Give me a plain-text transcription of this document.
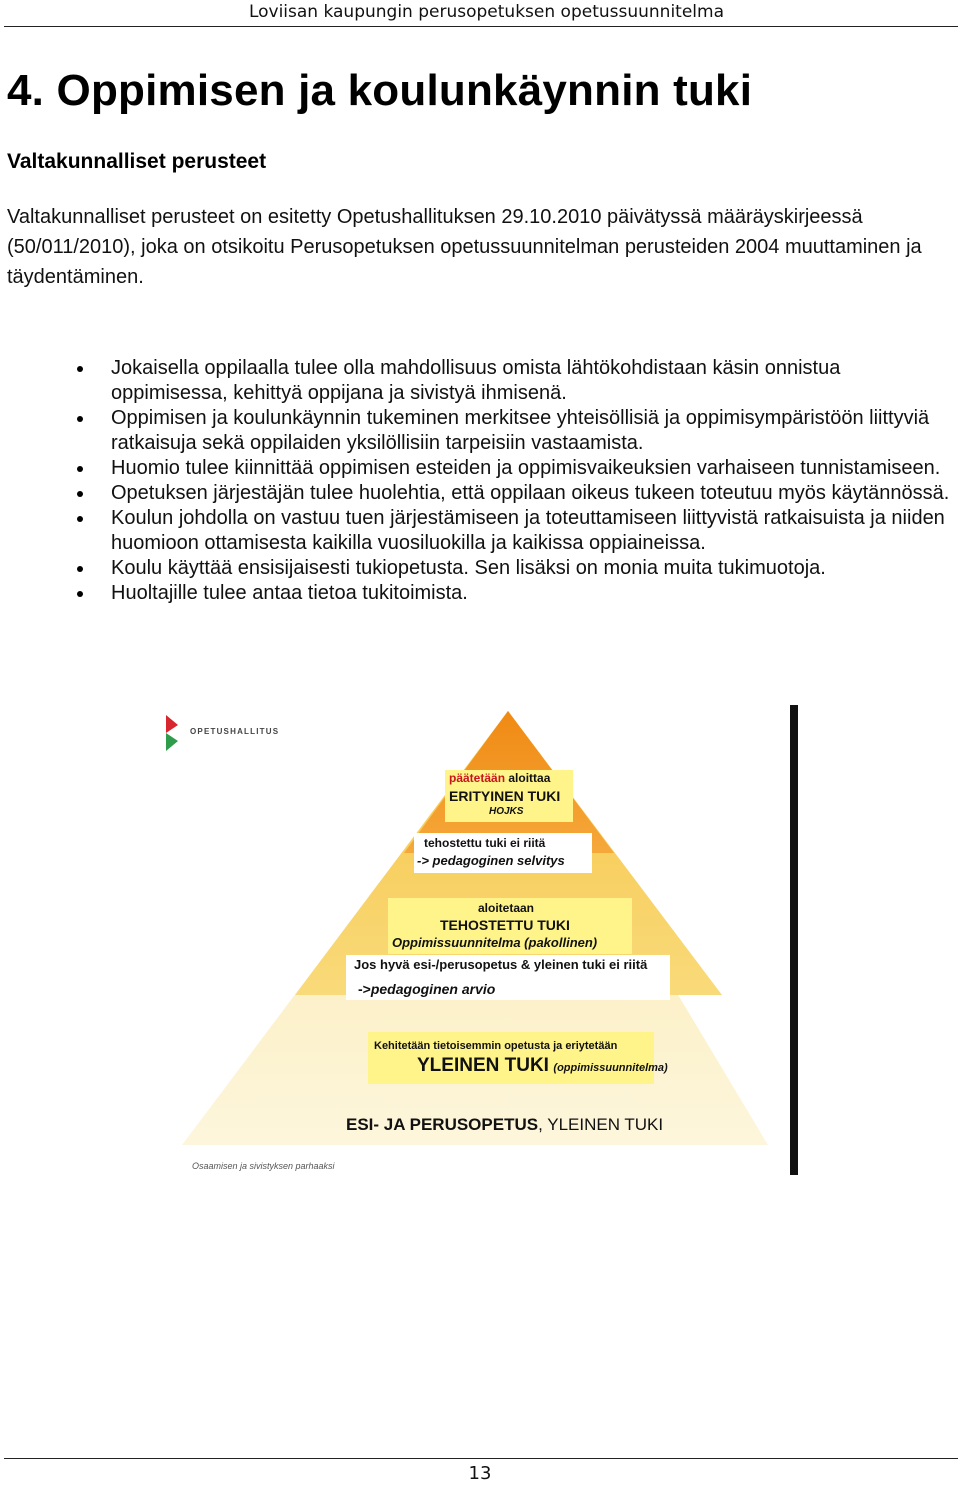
Loviisan kaupungin perusopetuksen opetussuunnitelma
4. Oppimisen ja koulunkäynnin tuki

Valtakunnalliset perusteet

Valtakunnalliset perusteet on esitetty Opetushallituksen 29.10.2010 päivätyssä määräyskirjeessä (50/011/2010), joka on otsikoitu Perusopetuksen opetussuunnitelman perusteiden 2004 muuttaminen ja täydentäminen.

Jokaisella oppilaalla tulee olla mahdollisuus omista lähtökohdistaan käsin onnistua oppimisessa, kehittyä oppijana ja sivistyä ihmisenä.
Oppimisen ja koulunkäynnin tukeminen merkitsee yhteisöllisiä ja oppimisympäristöön liittyviä ratkaisuja sekä oppilaiden yksilöllisiin tarpeisiin vastaamista.
Huomio tulee kiinnittää oppimisen esteiden ja oppimisvaikeuksien varhaiseen tunnistamiseen.
Opetuksen järjestäjän tulee huolehtia, että oppilaan oikeus tukeen toteutuu myös käytännössä.
Koulun johdolla on vastuu tuen järjestämiseen ja toteuttamiseen liittyvistä ratkaisuista ja niiden huomioon ottamisesta kaikilla vuosiluokilla ja kaikissa oppiaineissa.
Koulu käyttää ensisijaisesti tukiopetusta. Sen lisäksi on monia muita tukimuotoja.
Huoltajille tulee antaa tietoa tukitoimista.
OPETUSHALLITUS
päätetään aloittaa
ERITYINEN TUKI
HOJKS
tehostettu tuki ei riitä
-> pedagoginen selvitys
aloitetaan
TEHOSTETTU TUKI
Oppimissuunnitelma (pakollinen)
Jos hyvä esi-/perusopetus & yleinen tuki ei riitä
->pedagoginen arvio
Kehitetään tietoisemmin opetusta ja eriytetään
YLEINEN TUKI (oppimissuunnitelma)
ESI- JA PERUSOPETUS, YLEINEN TUKI
Osaamisen ja sivistyksen parhaaksi
13
